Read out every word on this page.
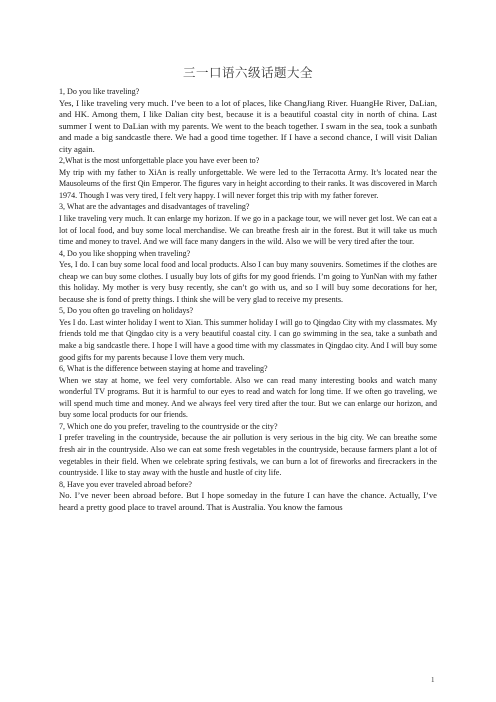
三一口语六级话题大全

1, Do you like traveling?

Yes, I like traveling very much. I’ve been to a lot of places, like ChangJiang River. HuangHe River, DaLian, and HK. Among them, I like Dalian city best, because it is a beautiful coastal city in north of china. Last summer I went to DaLian with my parents. We went to the beach together. I swam in the sea, took a sunbath and made a big sandcastle there. We had a good time together. If I have a second chance, I will visit Dalian city again.

2,What is the most unforgettable place you have ever been to?

My trip with my father to XiAn is really unforgettable. We were led to the Terracotta Army. It’s located near the Mausoleums of the first Qin Emperor. The figures vary in height according to their ranks. It was discovered in March 1974. Though I was very tired, I felt very happy. I will never forget this trip with my father forever.

3, What are the advantages and disadvantages of traveling?

I like traveling very much. It can enlarge my horizon. If we go in a package tour, we will never get lost. We can eat a lot of local food, and buy some local merchandise. We can breathe fresh air in the forest. But it will take us much time and money to travel. And we will face many dangers in the wild. Also we will be very tired after the tour.

4, Do you like shopping when traveling?

Yes, I do. I can buy some local food and local products. Also I can buy many souvenirs. Sometimes if the clothes are cheap we can buy some clothes. I usually buy lots of gifts for my good friends. I’m going to YunNan with my father this holiday. My mother is very busy recently, she can’t go with us, and so I will buy some decorations for her, because she is fond of pretty things. I think she will be very glad to receive my presents.

5, Do you often go traveling on holidays?

Yes I do. Last winter holiday I went to Xian. This summer holiday I will go to Qingdao City with my classmates. My friends told me that Qingdao city is a very beautiful coastal city. I can go swimming in the sea, take a sunbath and make a big sandcastle there. I hope I will have a good time with my classmates in Qingdao city. And I will buy some good gifts for my parents because I love them very much.

6, What is the difference between staying at home and traveling?

When we stay at home, we feel very comfortable. Also we can read many interesting books and watch many wonderful TV programs. But it is harmful to our eyes to read and watch for long time. If we often go traveling, we will spend much time and money. And we always feel very tired after the tour. But we can enlarge our horizon, and buy some local products for our friends.

7, Which one do you prefer, traveling to the countryside or the city?

I prefer traveling in the countryside, because the air pollution is very serious in the big city. We can breathe some fresh air in the countryside. Also we can eat some fresh vegetables in the countryside, because farmers plant a lot of vegetables in their field. When we celebrate spring festivals, we can burn a lot of fireworks and firecrackers in the countryside. I like to stay away with the hustle and hustle of city life.

8, Have you ever traveled abroad before?

No. I’ve never been abroad before. But I hope someday in the future I can have the chance. Actually, I’ve heard a pretty good place to travel around. That is Australia. You know the famous

1
